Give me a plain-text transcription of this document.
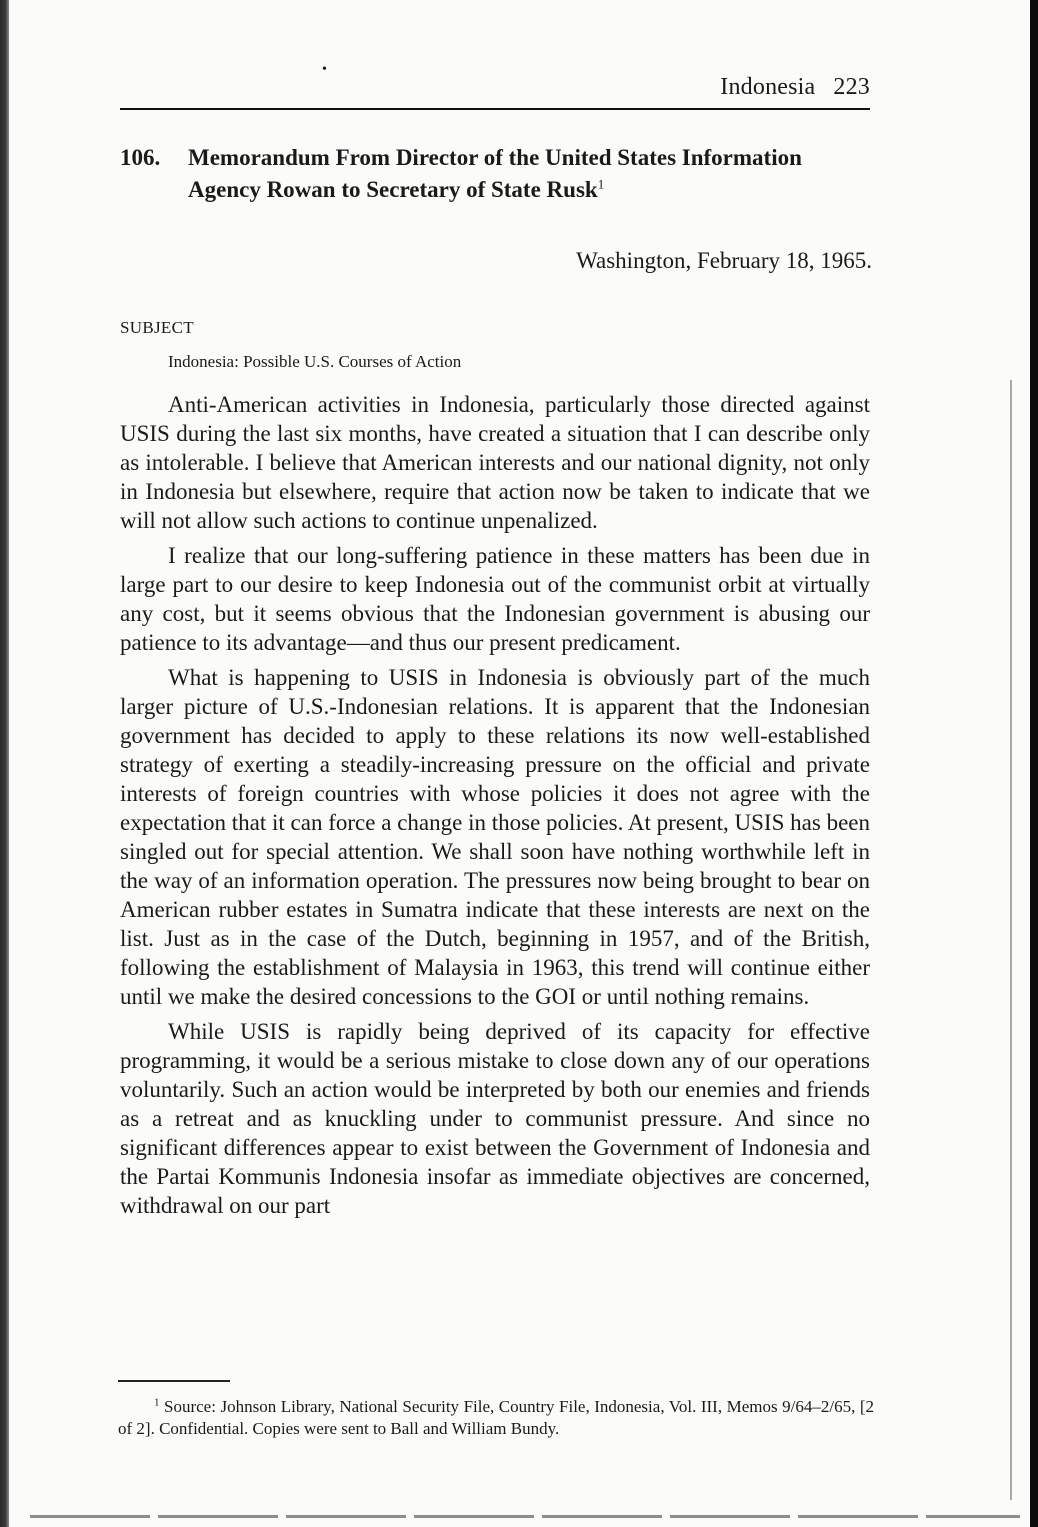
•
Indonesia 223
106. Memorandum From Director of the United States Information Agency Rowan to Secretary of State Rusk$^1$
Washington, February 18, 1965.
SUBJECT
Indonesia: Possible U.S. Courses of Action

Anti-American activities in Indonesia, particularly those directed against USIS during the last six months, have created a situation that I can describe only as intolerable. I believe that American interests and our national dignity, not only in Indonesia but elsewhere, require that action now be taken to indicate that we will not allow such actions to continue unpenalized.

I realize that our long-suffering patience in these matters has been due in large part to our desire to keep Indonesia out of the communist orbit at virtually any cost, but it seems obvious that the Indonesian government is abusing our patience to its advantage—and thus our present predicament.

What is happening to USIS in Indonesia is obviously part of the much larger picture of U.S.-Indonesian relations. It is apparent that the Indonesian government has decided to apply to these relations its now well-established strategy of exerting a steadily-increasing pressure on the official and private interests of foreign countries with whose policies it does not agree with the expectation that it can force a change in those policies. At present, USIS has been singled out for special attention. We shall soon have nothing worthwhile left in the way of an information operation. The pressures now being brought to bear on American rubber estates in Sumatra indicate that these interests are next on the list. Just as in the case of the Dutch, beginning in 1957, and of the British, following the establishment of Malaysia in 1963, this trend will continue either until we make the desired concessions to the GOI or until nothing remains.

While USIS is rapidly being deprived of its capacity for effective programming, it would be a serious mistake to close down any of our operations voluntarily. Such an action would be interpreted by both our enemies and friends as a retreat and as knuckling under to communist pressure. And since no significant differences appear to exist between the Government of Indonesia and the Partai Kommunis Indonesia insofar as immediate objectives are concerned, withdrawal on our part

$^1$ Source: Johnson Library, National Security File, Country File, Indonesia, Vol. III, Memos 9/64–2/65, [2 of 2]. Confidential. Copies were sent to Ball and William Bundy.
